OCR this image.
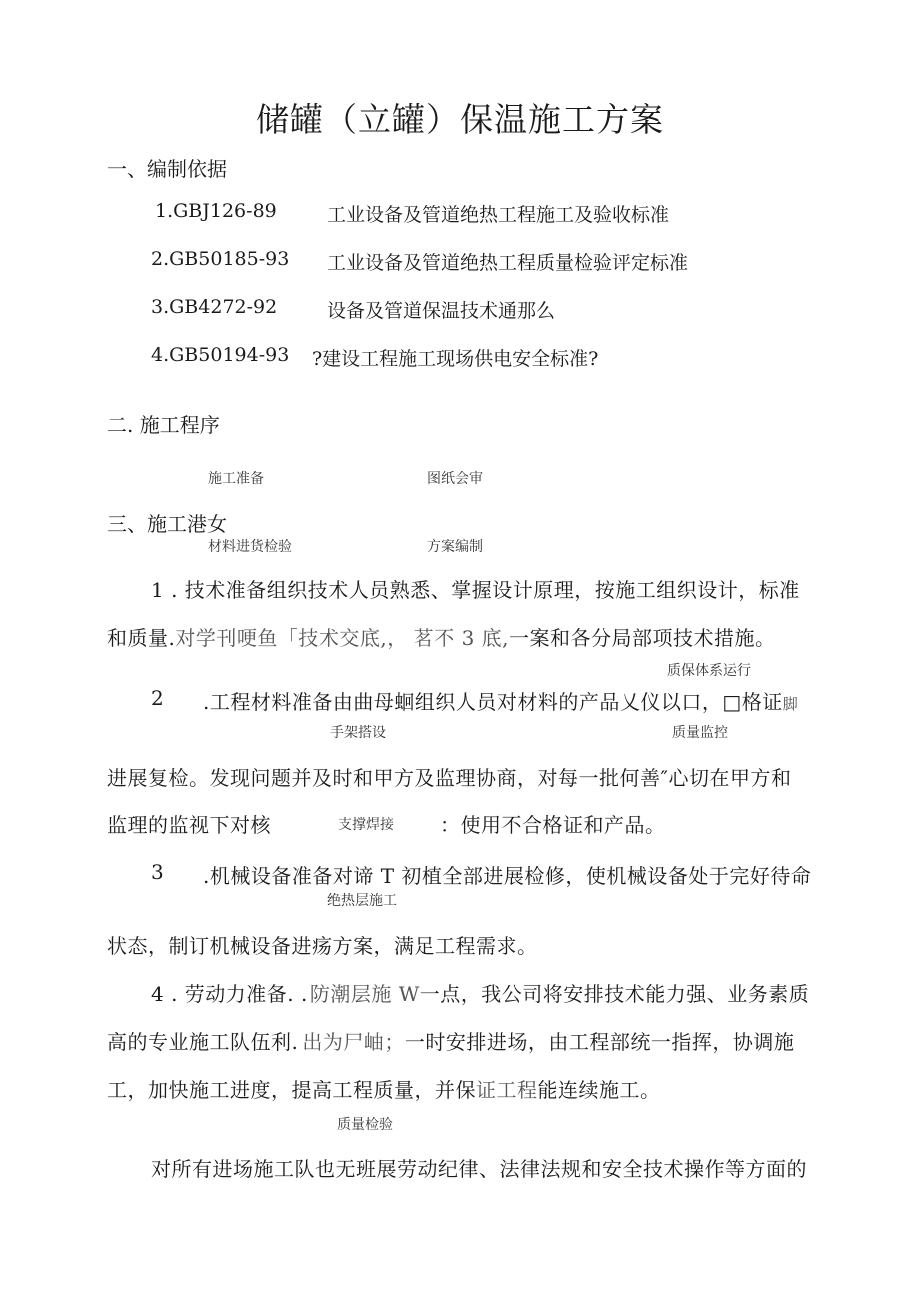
储罐（立罐）保温施工方案
一、编制依据
1.GBJ126-89	工业设备及管道绝热工程施工及验收标准
2.GB50185-93 工业设备及管道绝热工程质量检验评定标准
3.GB4272-92	设备及管道保温技术通那么
4.GB50194-93 ?建设工程施工现场供电安全标准?
二. 施工程序
施工准备	图纸会审
三、施工港女
材料进货检验	方案编制
1 . 技术准备组织技术人员熟悉、掌握设计原理，按施工组织设计，标准
和质量.对学刊哽鱼「技术交底,， 茗不 3 底,一案和各分局部项技术措施。
质保体系运行
2 .工程材料准备由曲母蛔组织人员对材料的产品乂仪以口，□格证脚
手架搭设	质量监控
进展复检。发现问题并及时和甲方及监理协商，对每一批何善″心切在甲方和
监理的监视下对核	支撑焊接 ：使用不合格证和产品。
3 .机械设备准备对谛 T 初植全部进展检修，使机械设备处于完好待命
绝热层施工
状态，制订机械设备进疡方案，满足工程需求。
4 . 劳动力准备. . 防潮层施 W一点，我公司将安排技术能力强、业务素质
高的专业施工队伍利. 出为尸岫；一时安排进场，由工程部统一指挥，协调施
工，加快施工进度，提高工程质量，并保证工程能连续施工。
质量检验
对所有进场施工队也无班展劳动纪律、法律法规和安全技术操作等方面的
